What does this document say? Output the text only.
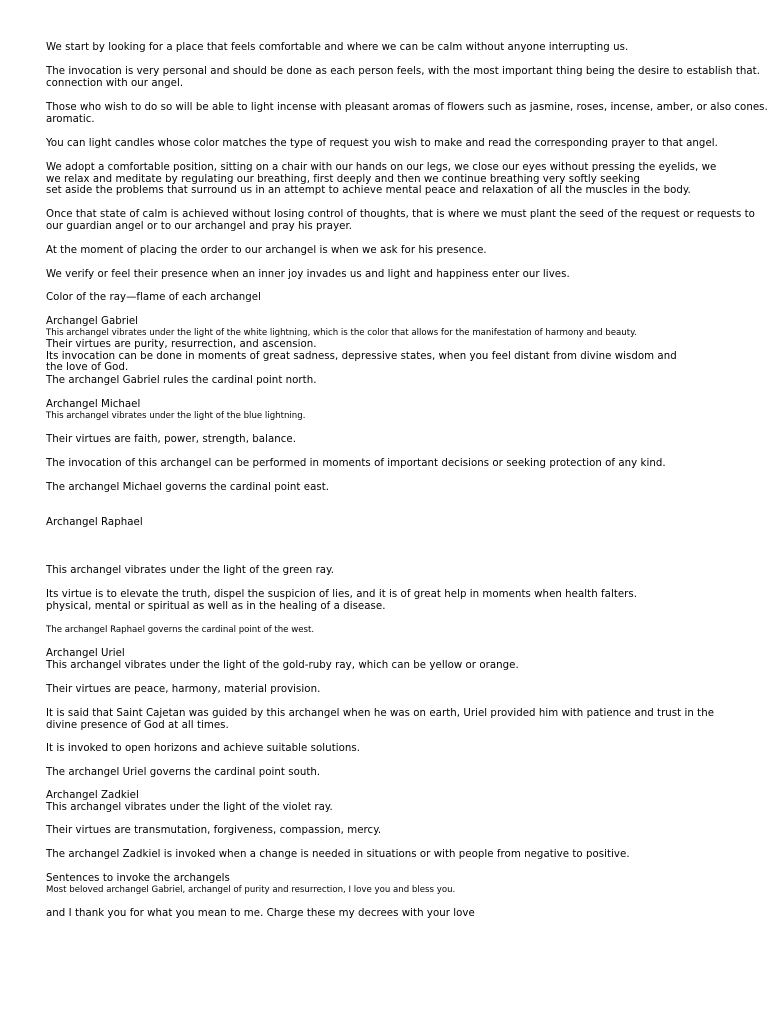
We start by looking for a place that feels comfortable and where we can be calm without anyone interrupting us.
The invocation is very personal and should be done as each person feels, with the most important thing being the desire to establish that.
connection with our angel.
Those who wish to do so will be able to light incense with pleasant aromas of flowers such as jasmine, roses, incense, amber, or also cones.
aromatic.
You can light candles whose color matches the type of request you wish to make and read the corresponding prayer to that angel.
We adopt a comfortable position, sitting on a chair with our hands on our legs, we close our eyes without pressing the eyelids, we
we relax and meditate by regulating our breathing, first deeply and then we continue breathing very softly seeking
set aside the problems that surround us in an attempt to achieve mental peace and relaxation of all the muscles in the body.
Once that state of calm is achieved without losing control of thoughts, that is where we must plant the seed of the request or requests to
our guardian angel or to our archangel and pray his prayer.
At the moment of placing the order to our archangel is when we ask for his presence.
We verify or feel their presence when an inner joy invades us and light and happiness enter our lives.
Color of the ray—flame of each archangel
Archangel Gabriel
This archangel vibrates under the light of the white lightning, which is the color that allows for the manifestation of harmony and beauty.
Their virtues are purity, resurrection, and ascension.
Its invocation can be done in moments of great sadness, depressive states, when you feel distant from divine wisdom and
the love of God.
The archangel Gabriel rules the cardinal point north.
Archangel Michael
This archangel vibrates under the light of the blue lightning.
Their virtues are faith, power, strength, balance.
The invocation of this archangel can be performed in moments of important decisions or seeking protection of any kind.
The archangel Michael governs the cardinal point east.
Archangel Raphael
This archangel vibrates under the light of the green ray.
Its virtue is to elevate the truth, dispel the suspicion of lies, and it is of great help in moments when health falters.
physical, mental or spiritual as well as in the healing of a disease.
The archangel Raphael governs the cardinal point of the west.
Archangel Uriel
This archangel vibrates under the light of the gold-ruby ray, which can be yellow or orange.
Their virtues are peace, harmony, material provision.
It is said that Saint Cajetan was guided by this archangel when he was on earth, Uriel provided him with patience and trust in the
divine presence of God at all times.
It is invoked to open horizons and achieve suitable solutions.
The archangel Uriel governs the cardinal point south.
Archangel Zadkiel
This archangel vibrates under the light of the violet ray.
Their virtues are transmutation, forgiveness, compassion, mercy.
The archangel Zadkiel is invoked when a change is needed in situations or with people from negative to positive.
Sentences to invoke the archangels
Most beloved archangel Gabriel, archangel of purity and resurrection, I love you and bless you.
and I thank you for what you mean to me. Charge these my decrees with your love
